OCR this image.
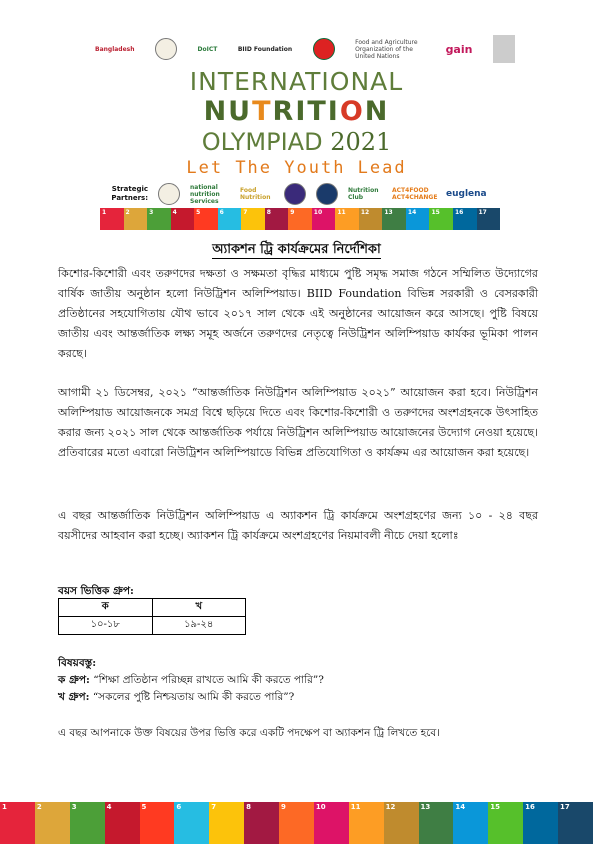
Bangladesh	DoICT	BIID Foundation
Food and Agriculture Organization of the United Nations
gain
INTERNATIONAL
NUTRITION
OLYMPIAD 2021
Let The Youth Lead
Strategic Partners:
national nutrition Services
Food Nutrition
Nutrition Club
ACT4FOOD ACT4CHANGE euglena
1	2	3	4	5	6	7	8	9	10	11	12	13	14	15	16	17
অ্যাকশন ট্রি কার্যক্রমের নির্দেশিকা
কিশোর-কিশোরী এবং তরুণদের দক্ষতা ও সক্ষমতা বৃদ্ধির মাধ্যমে পুষ্টি সমৃদ্ধ সমাজ গঠনে সম্মিলিত উদ্যোগের বার্ষিক জাতীয় অনুষ্ঠান হলো নিউট্রিশন অলিম্পিয়াড। BIID Foundation বিভিন্ন সরকারী ও বেসরকারী প্রতিষ্ঠানের সহযোগিতায় যৌথ ভাবে ২০১৭ সাল থেকে এই অনুষ্ঠানের আয়োজন করে আসছে। পুষ্টি বিষয়ে জাতীয় এবং আন্তর্জাতিক লক্ষ্য সমূহ অর্জনে তরুণদের নেতৃত্বে নিউট্রিশন অলিম্পিয়াড কার্যকর ভূমিকা পালন করছে।
আগামী ২১ ডিসেম্বর, ২০২১ “আন্তর্জাতিক নিউট্রিশন অলিম্পিয়াড ২০২১” আয়োজন করা হবে। নিউট্রিশন অলিম্পিয়াড আয়োজনকে সমগ্র বিশ্বে ছড়িয়ে দিতে এবং কিশোর-কিশোরী ও তরুণদের অংশগ্রহনকে উৎসাহিত করার জন্য ২০২১ সাল থেকে আন্তর্জাতিক পর্যায়ে নিউট্রিশন অলিম্পিয়াড আয়োজনের উদ্যোগ নেওয়া হয়েছে। প্রতিবারের মতো এবারো নিউট্রিশন অলিম্পিয়াডে বিভিন্ন প্রতিযোগিতা ও কার্যক্রম এর আয়োজন করা হয়েছে।
এ বছর আন্তর্জাতিক নিউট্রিশন অলিম্পিয়াড এ অ্যাকশন ট্রি কার্যক্রমে অংশগ্রহণের জন্য ১০ - ২৪ বছর বয়সীদের আহবান করা হচ্ছে। অ্যাকশন ট্রি কার্যক্রমে অংশগ্রহণের নিয়মাবলী নীচে দেয়া হলোঃ
বয়স ভিত্তিক গ্রুপ:
ক	খ
১০-১৮	১৯-২৪
বিষয়বস্তু:
ক গ্রুপ: “শিক্ষা প্রতিষ্ঠান পরিচ্ছন্ন রাখতে আমি কী করতে পারি”?
খ গ্রুপ: “সকলের পুষ্টি নিশ্চয়তায় আমি কী করতে পারি”?
এ বছর আপনাকে উক্ত বিষয়ের উপর ভিত্তি করে একটি পদক্ষেপ বা অ্যাকশন ট্রি লিখতে হবে।
1	2	3	4	5	6	7	8	9	10	11	12	13	14	15	16	17
